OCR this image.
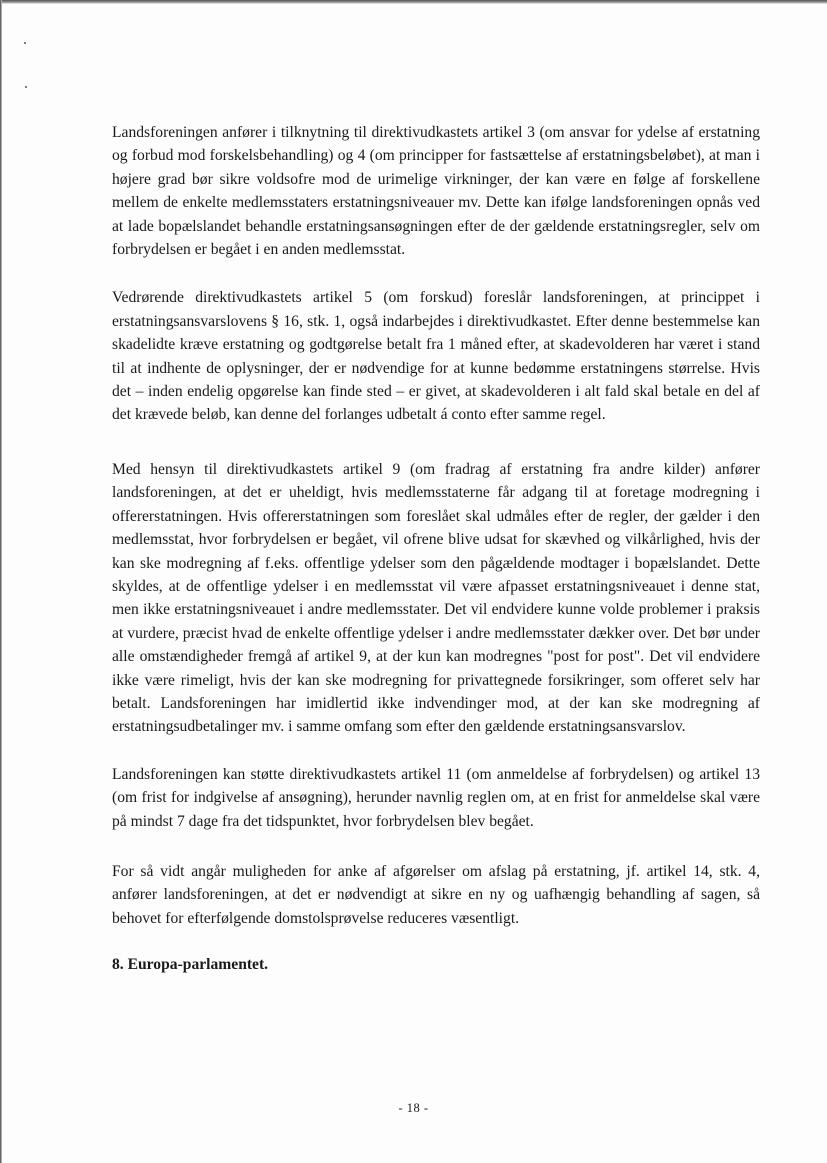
Landsforeningen anfører i tilknytning til direktivudkastets artikel 3 (om ansvar for ydelse af erstatning og forbud mod forskelsbehandling) og 4 (om principper for fastsættelse af erstatningsbeløbet), at man i højere grad bør sikre voldsofre mod de urimelige virkninger, der kan være en følge af forskellene mellem de enkelte medlemsstaters erstatningsniveauer mv. Dette kan ifølge landsforeningen opnås ved at lade bopælslandet behandle erstatningsansøgningen efter de der gældende erstatningsregler, selv om forbrydelsen er begået i en anden medlemsstat.

Vedrørende direktivudkastets artikel 5 (om forskud) foreslår landsforeningen, at princippet i erstatningsansvarslovens § 16, stk. 1, også indarbejdes i direktivudkastet. Efter denne bestemmelse kan skadelidte kræve erstatning og godtgørelse betalt fra 1 måned efter, at skadevolderen har været i stand til at indhente de oplysninger, der er nødvendige for at kunne bedømme erstatningens størrelse. Hvis det – inden endelig opgørelse kan finde sted – er givet, at skadevolderen i alt fald skal betale en del af det krævede beløb, kan denne del forlanges udbetalt á conto efter samme regel.

Med hensyn til direktivudkastets artikel 9 (om fradrag af erstatning fra andre kilder) anfører landsforeningen, at det er uheldigt, hvis medlemsstaterne får adgang til at foretage modregning i offererstatningen. Hvis offererstatningen som foreslået skal udmåles efter de regler, der gælder i den medlemsstat, hvor forbrydelsen er begået, vil ofrene blive udsat for skævhed og vilkårlighed, hvis der kan ske modregning af f.eks. offentlige ydelser som den pågældende modtager i bopælslandet. Dette skyldes, at de offentlige ydelser i en medlemsstat vil være afpasset erstatningsniveauet i denne stat, men ikke erstatningsniveauet i andre medlemsstater. Det vil endvidere kunne volde problemer i praksis at vurdere, præcist hvad de enkelte offentlige ydelser i andre medlemsstater dækker over. Det bør under alle omstændigheder fremgå af artikel 9, at der kun kan modregnes "post for post". Det vil endvidere ikke være rimeligt, hvis der kan ske modregning for privattegnede forsikringer, som offeret selv har betalt. Landsforeningen har imidlertid ikke indvendinger mod, at der kan ske modregning af erstatningsudbetalinger mv. i samme omfang som efter den gældende erstatningsansvarslov.

Landsforeningen kan støtte direktivudkastets artikel 11 (om anmeldelse af forbrydelsen) og artikel 13 (om frist for indgivelse af ansøgning), herunder navnlig reglen om, at en frist for anmeldelse skal være på mindst 7 dage fra det tidspunktet, hvor forbrydelsen blev begået.

For så vidt angår muligheden for anke af afgørelser om afslag på erstatning, jf. artikel 14, stk. 4, anfører landsforeningen, at det er nødvendigt at sikre en ny og uafhængig behandling af sagen, så behovet for efterfølgende domstolsprøvelse reduceres væsentligt.

8. Europa-parlamentet.
- 18 -
